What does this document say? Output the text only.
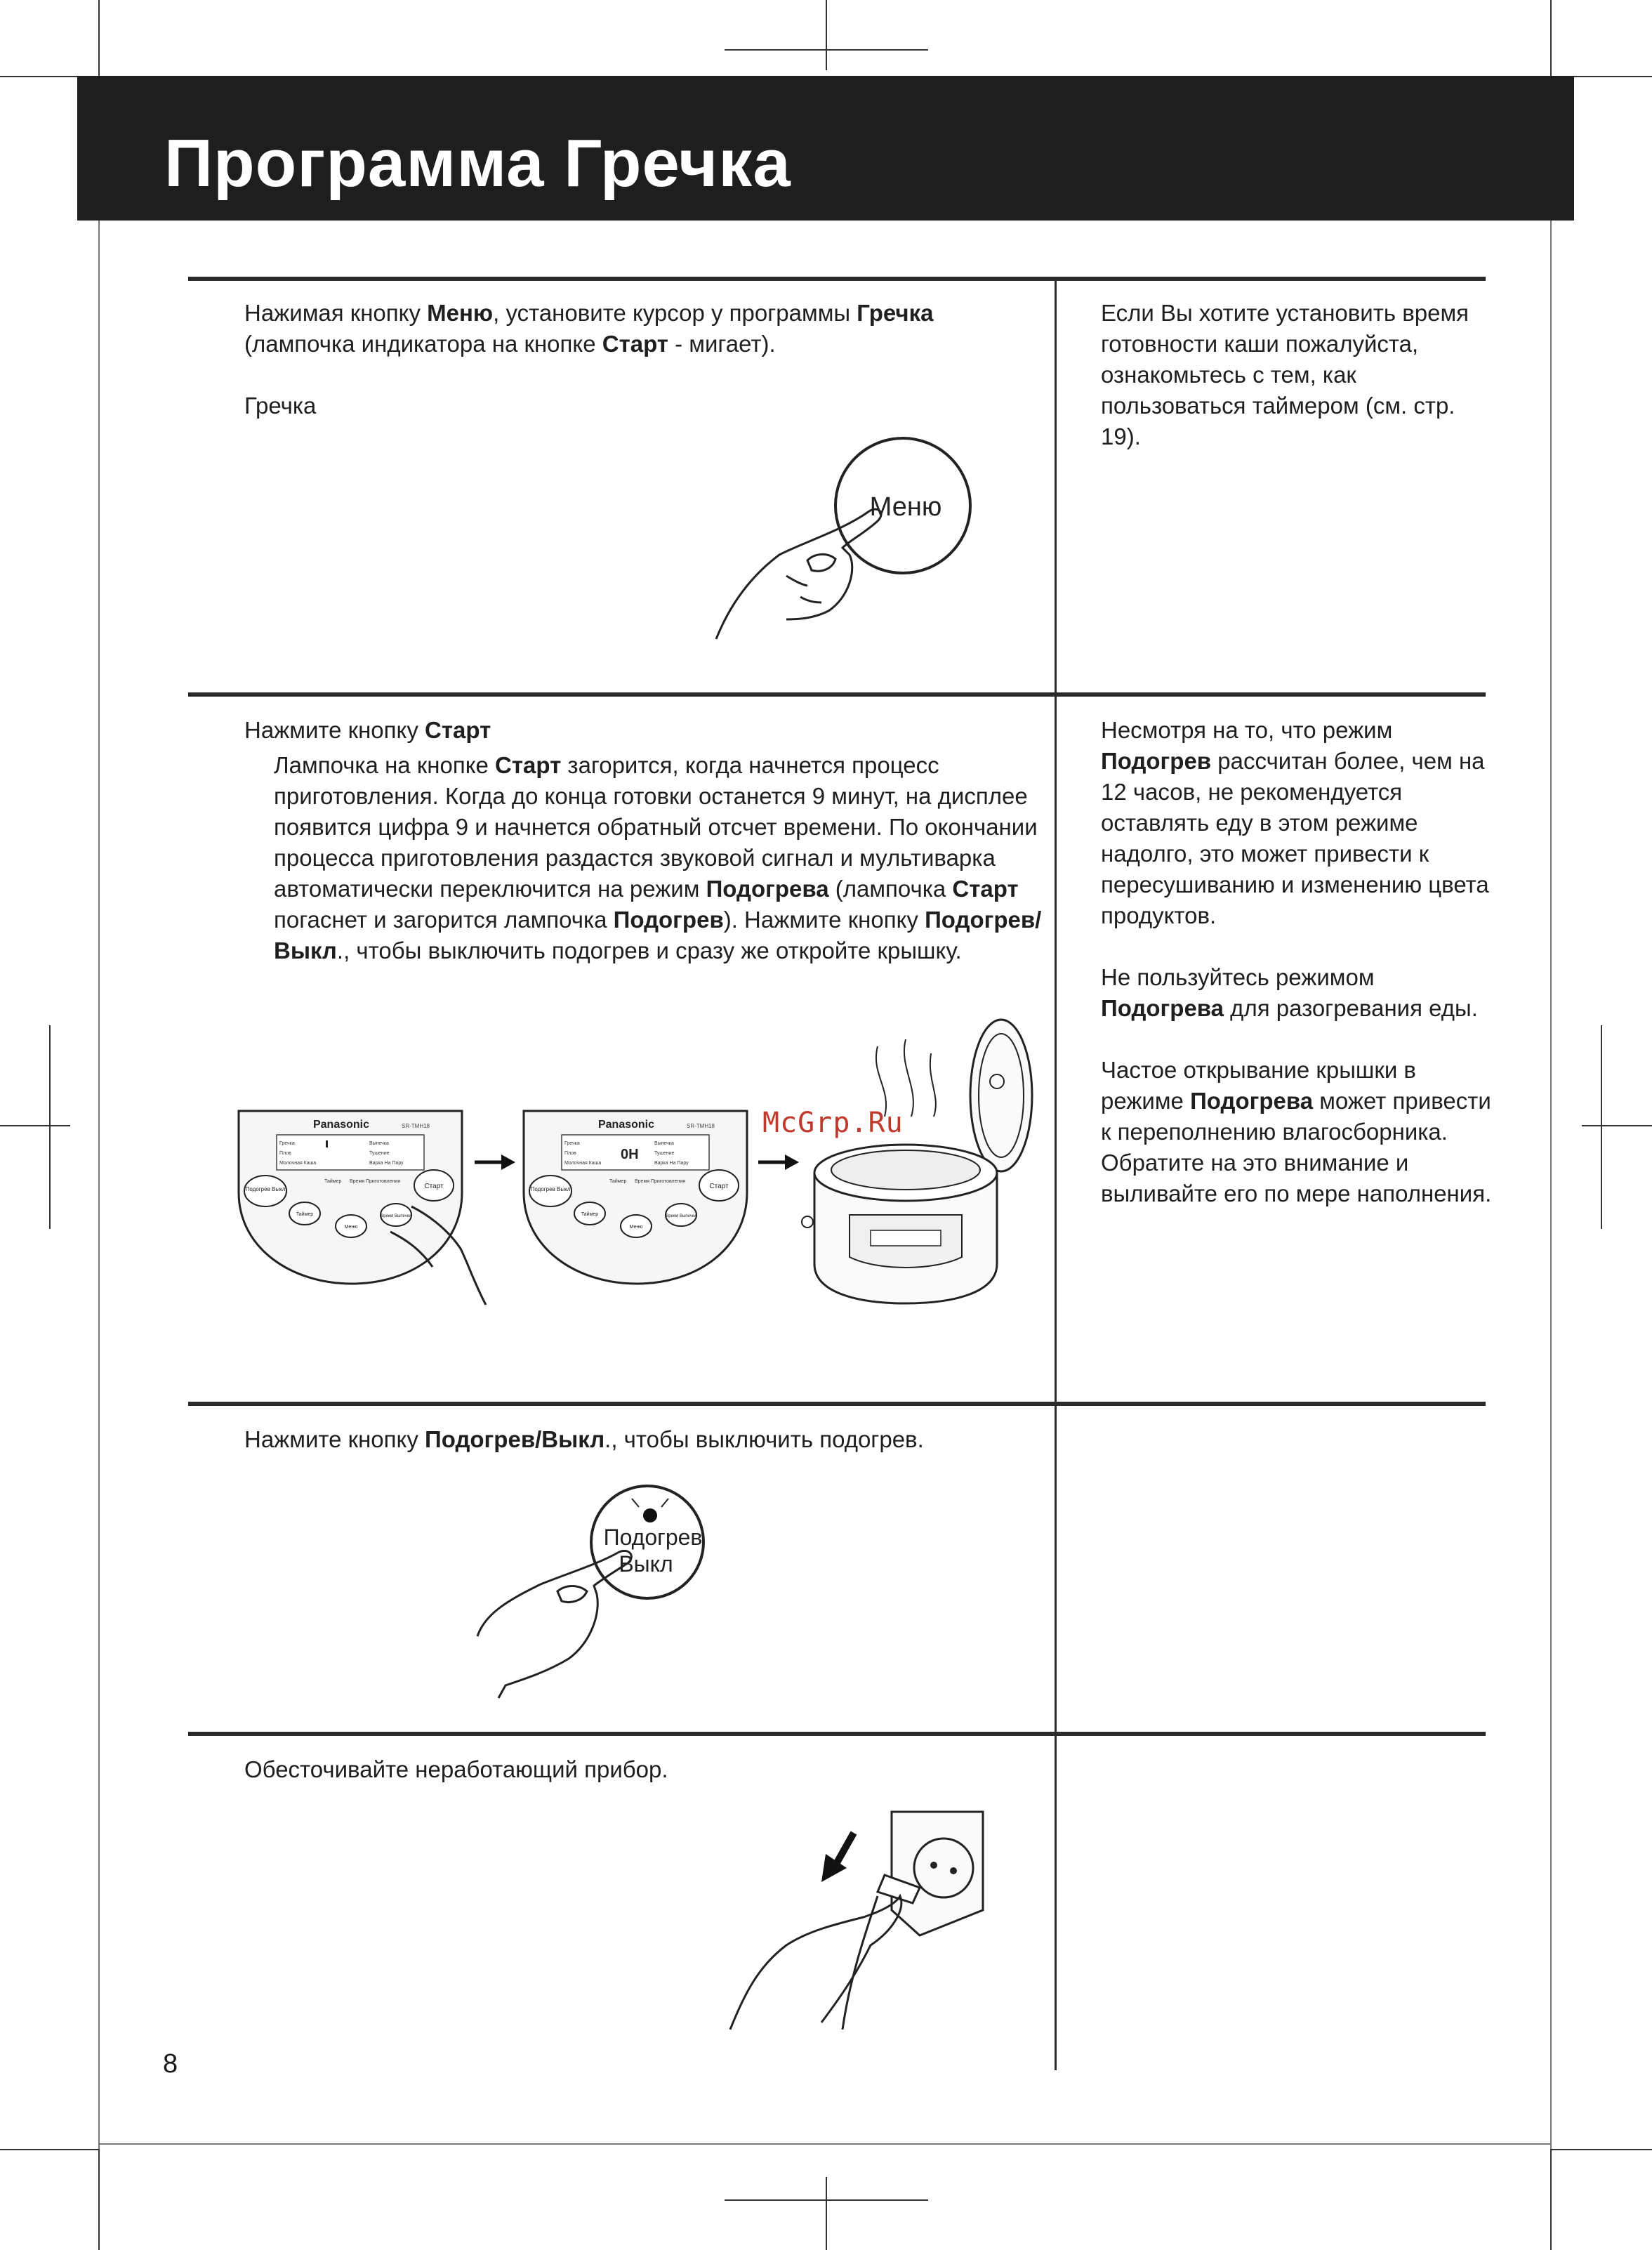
Программа Гречка

Нажимая кнопку Меню, установите курсор у программы Гречка (лампочка индикатора на кнопке Старт - мигает).

Гречка

Если Вы хотите установить время готовности каши пожалуйста, ознакомьтесь с тем, как пользоваться таймером (см. стр. 19).

Меню

Нажмите кнопку Старт

Лампочка на кнопке Старт загорится, когда начнется процесс приготовления. Когда до конца готовки останется 9 минут, на дисплее появится цифра 9 и начнется обратный отсчет времени. По окончании процесса приготовления раздастся звуковой сигнал и мультиварка автоматически переключится на режим Подогрева (лампочка Старт погаснет и загорится лампочка Подогрев). Нажмите кнопку Подогрев/Выкл., чтобы выключить подогрев и сразу же откройте крышку.

Несмотря на то, что режим Подогрев рассчитан более, чем на 12 часов, не рекомендуется оставлять еду в этом режиме надолго, это может привести к пересушиванию и изменению цвета продуктов.

Не пользуйтесь режимом Подогрева для разогревания еды.

Частое открывание крышки в режиме Подогрева может привести к переполнению влагосборника. Обратите на это внимание и выливайте его по мере наполнения.

Panasonic	SR-TMH18
Гречка
Плов
Молочная Каша
Выпечка
Тушение
Варка На Пару
Таймер Время Приготовления
Подогрев Выкл
Таймер
Меню
Время Выпечки
Старт
Panasonic	SR-TMH18
Гречка
Плов
Молочная Каша
Выпечка
Тушение
Варка На Пару
0H
Таймер Время Приготовления
Подогрев Выкл
Таймер
Меню
Время Выпечки
Старт
McGrp.Ru

Нажмите кнопку Подогрев/Выкл., чтобы выключить подогрев.

Подогрев
Выкл

Обесточивайте неработающий прибор.

8
